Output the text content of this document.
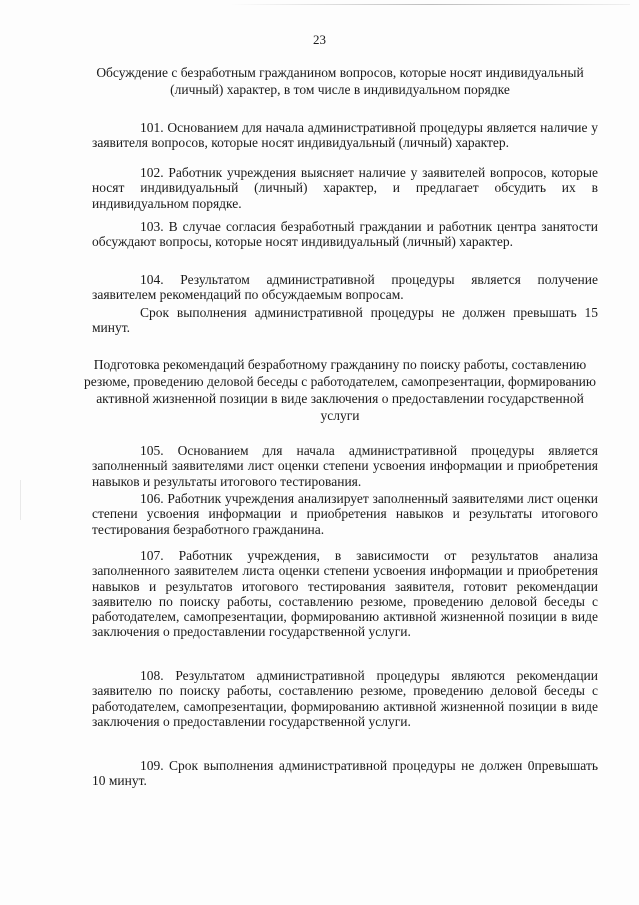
23
Обсуждение с безработным гражданином вопросов, которые носят индивидуальный (личный) характер, в том числе в индивидуальном порядке
101. Основанием для начала административной процедуры является наличие у заявителя вопросов, которые носят индивидуальный (личный) характер.
102. Работник учреждения выясняет наличие у заявителей вопросов, которые носят индивидуальный (личный) характер, и предлагает обсудить их в индивидуальном порядке.
103. В случае согласия безработный граждании и работник центра занятости обсуждают вопросы, которые носят индивидуальный (личный) характер.
104. Результатом административной процедуры является получение заявителем рекомендаций по обсуждаемым вопросам.
Срок выполнения административной процедуры не должен превышать 15 минут.
Подготовка рекомендаций безработному гражданину по поиску работы, составлению резюме, проведению деловой беседы с работодателем, самопрезентации, формированию активной жизненной позиции в виде заключения о предоставлении государственной услуги
105. Основанием для начала административной процедуры является заполненный заявителями лист оценки степени усвоения информации и приобретения навыков и результаты итогового тестирования.
106. Работник учреждения анализирует заполненный заявителями лист оценки степени усвоения информации и приобретения навыков и результаты итогового тестирования безработного гражданина.
107. Работник учреждения, в зависимости от результатов анализа заполненного заявителем листа оценки степени усвоения информации и приобретения навыков и результатов итогового тестирования заявителя, готовит рекомендации заявителю по поиску работы, составлению резюме, проведению деловой беседы с работодателем, самопрезентации, формированию активной жизненной позиции в виде заключения о предоставлении государственной услуги.
108. Результатом административной процедуры являются рекомендации заявителю по поиску работы, составлению резюме, проведению деловой беседы с работодателем, самопрезентации, формированию активной жизненной позиции в виде заключения о предоставлении государственной услуги.
109. Срок выполнения административной процедуры не должен 0превышать 10 минут.
